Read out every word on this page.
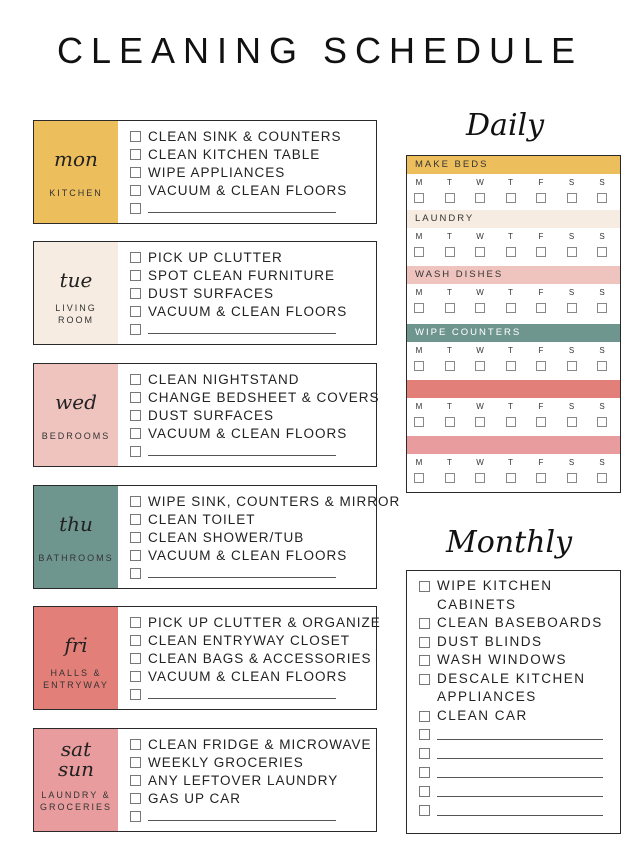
CLEANING SCHEDULE
mon
KITCHEN
CLEAN SINK & COUNTERS
CLEAN KITCHEN TABLE
WIPE APPLIANCES
VACUUM & CLEAN FLOORS
tue
LIVING
ROOM
PICK UP CLUTTER
SPOT CLEAN FURNITURE
DUST SURFACES
VACUUM & CLEAN FLOORS
wed
BEDROOMS
CLEAN NIGHTSTAND
CHANGE BEDSHEET & COVERS
DUST SURFACES
VACUUM & CLEAN FLOORS
thu
BATHROOMS
WIPE SINK, COUNTERS & MIRROR
CLEAN TOILET
CLEAN SHOWER/TUB
VACUUM & CLEAN FLOORS
fri
HALLS &
ENTRYWAY
PICK UP CLUTTER & ORGANIZE
CLEAN ENTRYWAY CLOSET
CLEAN BAGS & ACCESSORIES
VACUUM & CLEAN FLOORS
sat
sun
LAUNDRY &
GROCERIES
CLEAN FRIDGE & MICROWAVE
WEEKLY GROCERIES
ANY LEFTOVER LAUNDRY
GAS UP CAR
Daily
MAKE BEDS
M	T	W	T	F	S	S
LAUNDRY
M	T	W	T	F	S	S
WASH DISHES
M	T	W	T	F	S	S
WIPE COUNTERS
M	T	W	T	F	S	S
M	T	W	T	F	S	S
M	T	W	T	F	S	S
Monthly
WIPE KITCHEN CABINETS
CLEAN BASEBOARDS
DUST BLINDS
WASH WINDOWS
DESCALE KITCHEN APPLIANCES
CLEAN CAR
